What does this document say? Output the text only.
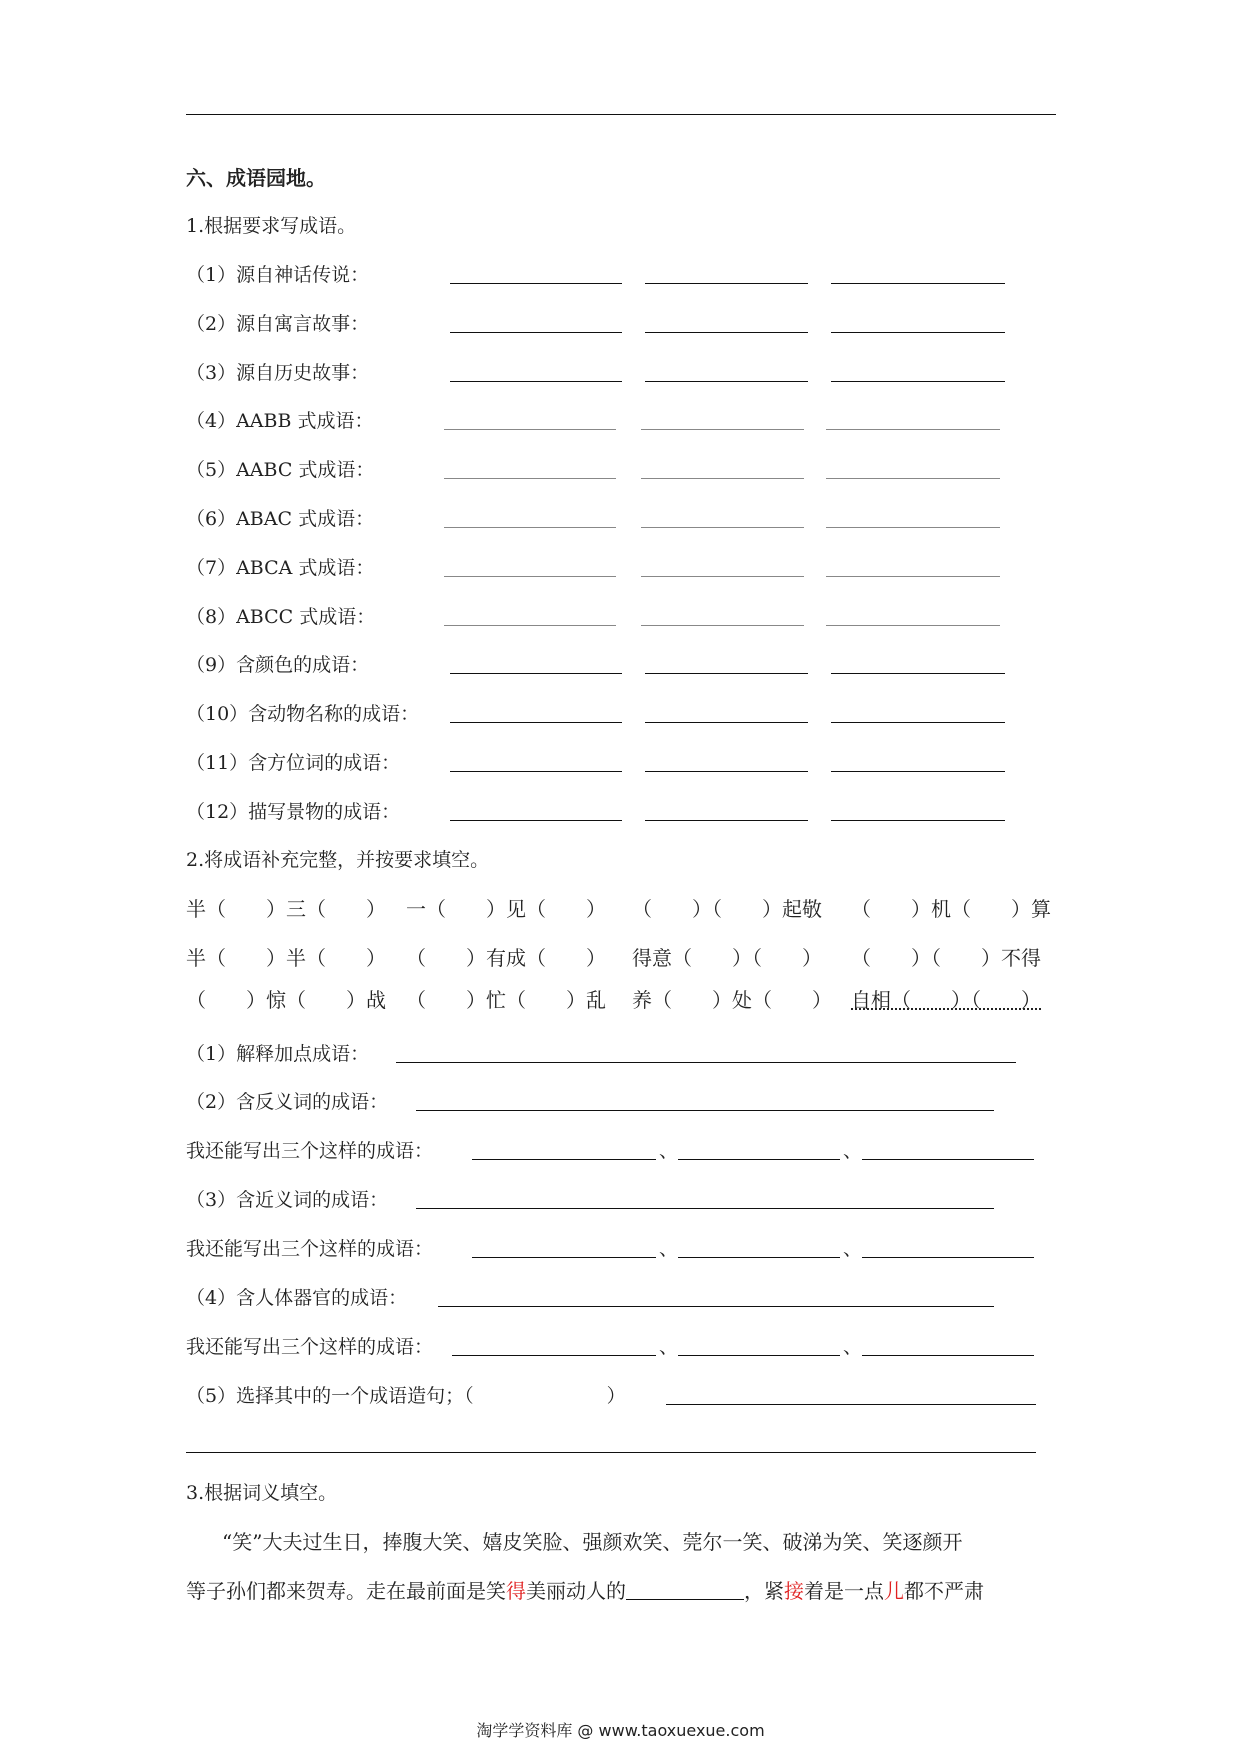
六、成语园地。
1.根据要求写成语。
（1）源自神话传说：
（2）源自寓言故事：
（3）源自历史故事：
（4）AABB 式成语：
（5）AABC 式成语：
（6）ABAC 式成语：
（7）ABCA 式成语：
（8）ABCC 式成语：
（9）含颜色的成语：
（10）含动物名称的成语：
（11）含方位词的成语：
（12）描写景物的成语：
2.将成语补充完整，并按要求填空。
半（　　）三（　　） 一（　　）见（　　） （　　）（　　）起敬 （　　）机（　　）算
半（　　）半（　　） （　　）有成（　　） 得意（　　）（　　） （　　）（　　）不得
（　　）惊（　　）战 （　　）忙（　　）乱 养（　　）处（　　） 自相（　　）（　　）
（1）解释加点成语：
（2）含反义词的成语：
我还能写出三个这样的成语：	、	、
（3）含近义词的成语：
我还能写出三个这样的成语：	、	、
（4）含人体器官的成语：
我还能写出三个这样的成语：	、	、
（5）选择其中的一个成语造句；（　　　　　　　）
3.根据词义填空。
“笑”大夫过生日，捧腹大笑、嬉皮笑脸、强颜欢笑、莞尔一笑、破涕为笑、笑逐颜开
等子孙们都来贺寿。走在最前面是笑得美丽动人的	，紧接着是一点儿都不严肃
淘学学资料库 @ www.taoxuexue.com
